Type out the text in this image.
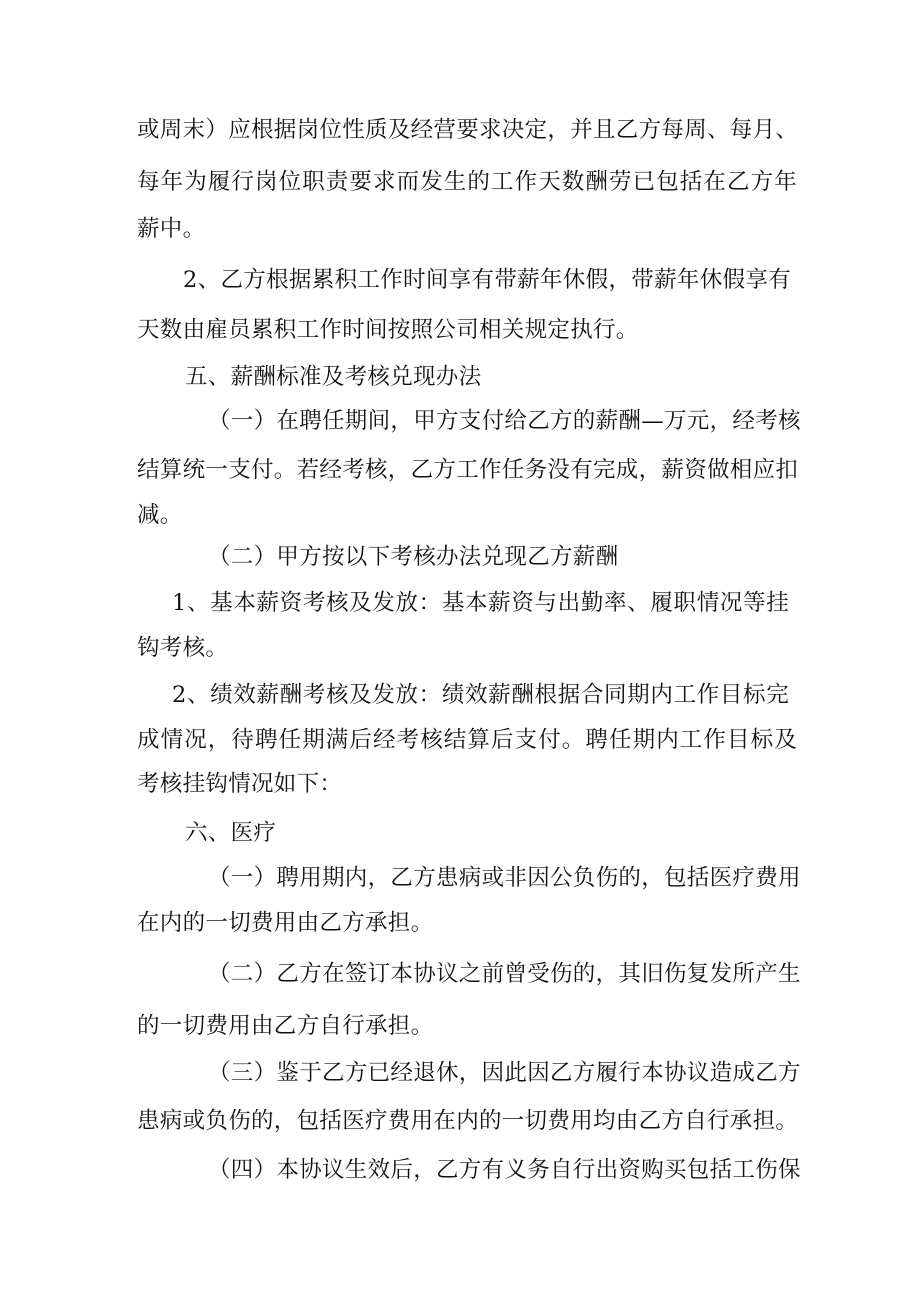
或周末）应根据岗位性质及经营要求决定，并且乙方每周、每月、
每年为履行岗位职责要求而发生的工作天数酬劳已包括在乙方年
薪中。
2、乙方根据累积工作时间享有带薪年休假，带薪年休假享有
天数由雇员累积工作时间按照公司相关规定执行。
五、薪酬标准及考核兑现办法
（一）在聘任期间，甲方支付给乙方的薪酬—万元，经考核
结算统一支付。若经考核，乙方工作任务没有完成，薪资做相应扣
减。
（二）甲方按以下考核办法兑现乙方薪酬
1、基本薪资考核及发放：基本薪资与出勤率、履职情况等挂
钩考核。
2、绩效薪酬考核及发放：绩效薪酬根据合同期内工作目标完
成情况，待聘任期满后经考核结算后支付。聘任期内工作目标及
考核挂钩情况如下：
六、医疗
（一）聘用期内，乙方患病或非因公负伤的，包括医疗费用
在内的一切费用由乙方承担。
（二）乙方在签订本协议之前曾受伤的，其旧伤复发所产生
的一切费用由乙方自行承担。
（三）鉴于乙方已经退休，因此因乙方履行本协议造成乙方
患病或负伤的，包括医疗费用在内的一切费用均由乙方自行承担。
（四）本协议生效后，乙方有义务自行出资购买包括工伤保
